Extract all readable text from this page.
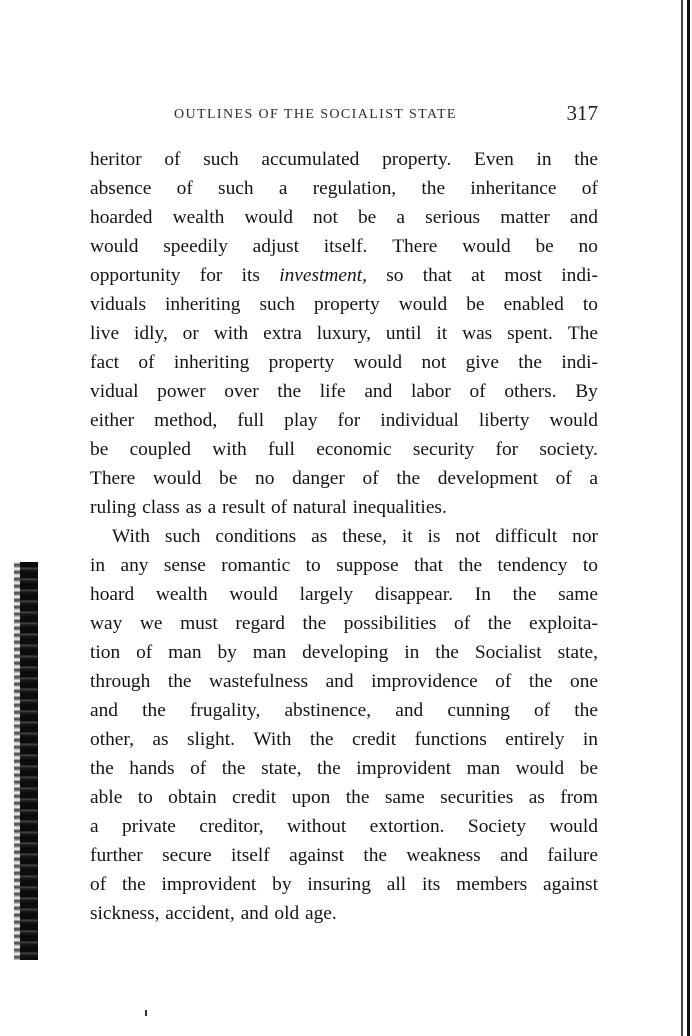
OUTLINES OF THE SOCIALIST STATE	317
heritor of such accumulated property. Even in the
absence of such a regulation, the inheritance of
hoarded wealth would not be a serious matter and
would speedily adjust itself. There would be no
opportunity for its investment, so that at most indi-
viduals inheriting such property would be enabled to
live idly, or with extra luxury, until it was spent. The
fact of inheriting property would not give the indi-
vidual power over the life and labor of others. By
either method, full play for individual liberty would
be coupled with full economic security for society.
There would be no danger of the development of a
ruling class as a result of natural inequalities.
With such conditions as these, it is not difficult nor
in any sense romantic to suppose that the tendency to
hoard wealth would largely disappear. In the same
way we must regard the possibilities of the exploita-
tion of man by man developing in the Socialist state,
through the wastefulness and improvidence of the one
and the frugality, abstinence, and cunning of the
other, as slight. With the credit functions entirely in
the hands of the state, the improvident man would be
able to obtain credit upon the same securities as from
a private creditor, without extortion. Society would
further secure itself against the weakness and failure
of the improvident by insuring all its members against
sickness, accident, and old age.
